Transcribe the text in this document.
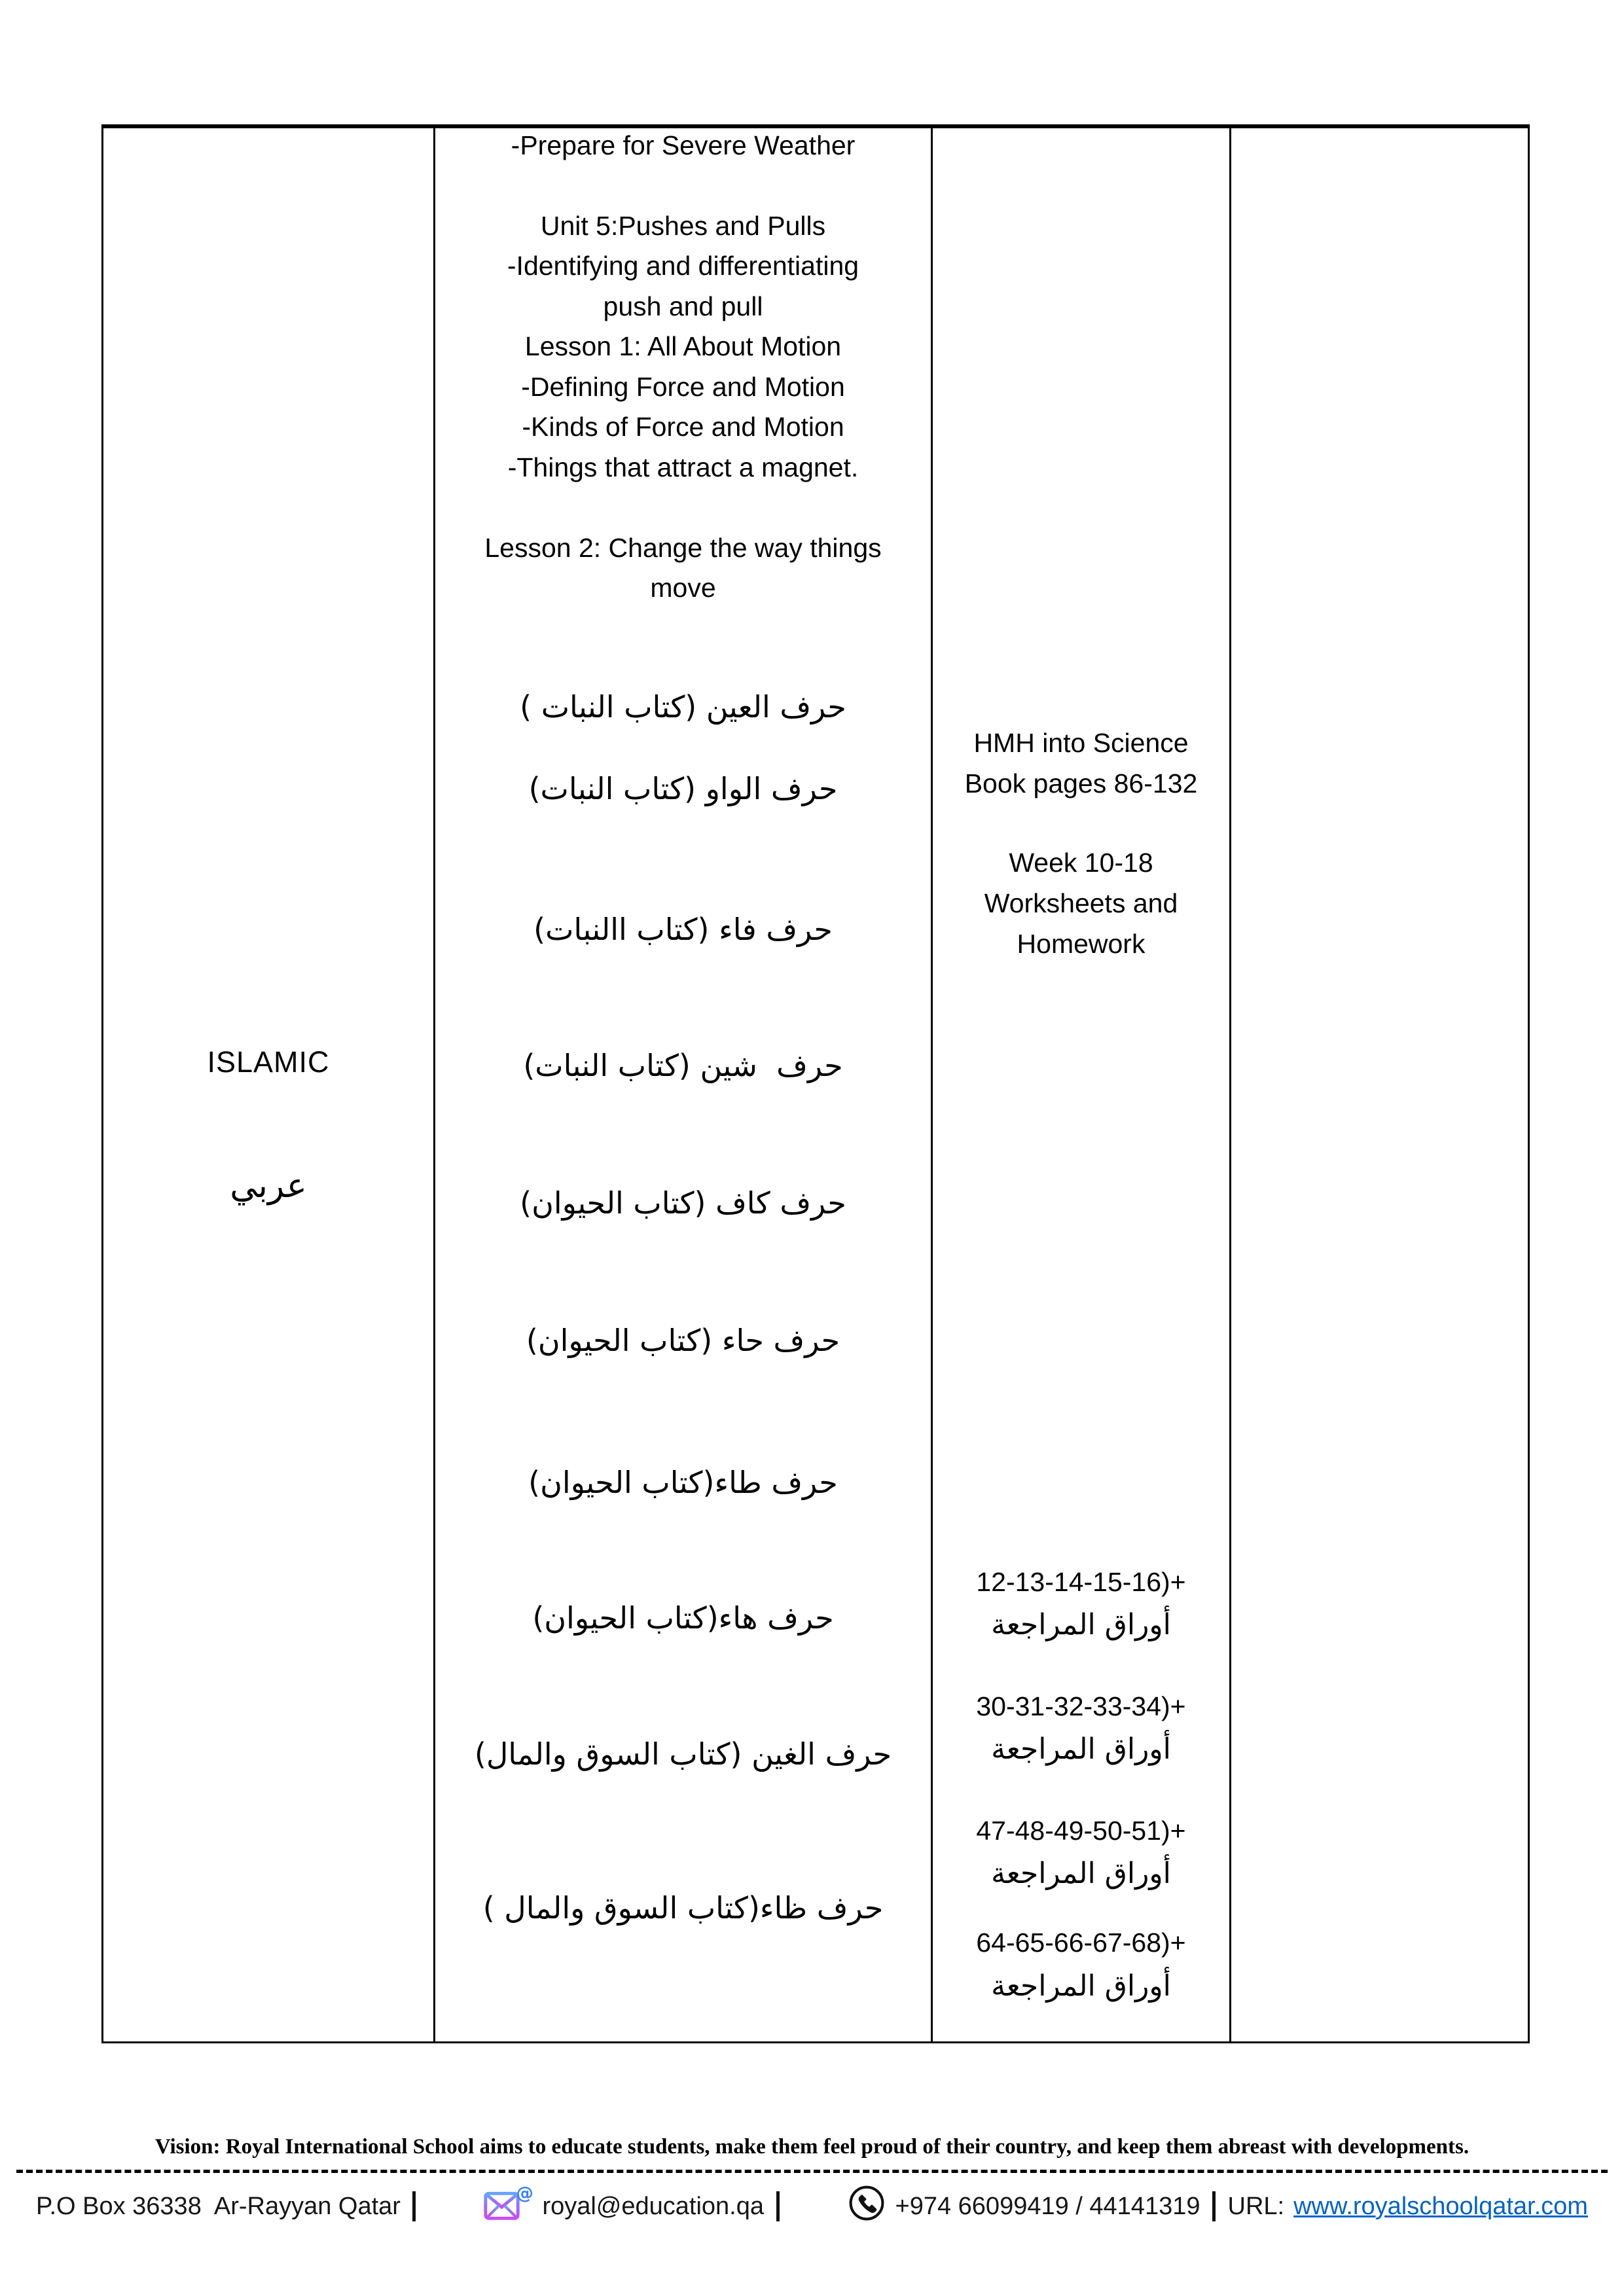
ISLAMIC
عربي
-Prepare for Severe Weather
Unit 5:Pushes and Pulls
-Identifying and differentiating
push and pull
Lesson 1: All About Motion
-Defining Force and Motion
-Kinds of Force and Motion
-Things that attract a magnet.
Lesson 2: Change the way things
move
حرف العين (كتاب النبات )
حرف الواو (كتاب النبات)
حرف فاء (كتاب االنبات)
حرف  شين (كتاب النبات)
حرف كاف (كتاب الحيوان)
حرف حاء (كتاب الحيوان)
حرف طاء(كتاب الحيوان)
حرف هاء(كتاب الحيوان)
حرف الغين (كتاب السوق والمال)
حرف ظاء(كتاب السوق والمال )
HMH into Science
Book pages 86-132
Week 10-18
Worksheets and
Homework
12-13-14-15-16)+
أوراق المراجعة
30-31-32-33-34)+
أوراق المراجعة
47-48-49-50-51)+
أوراق المراجعة
64-65-66-67-68)+
أوراق المراجعة
Vision: Royal International School aims to educate students, make them feel proud of their country, and keep them abreast with developments.
P.O Box 36338  Ar-Rayyan Qatar

	@

royal@education.qa

	+974 66099419 / 44141319 URL: www.royalschoolqatar.com
